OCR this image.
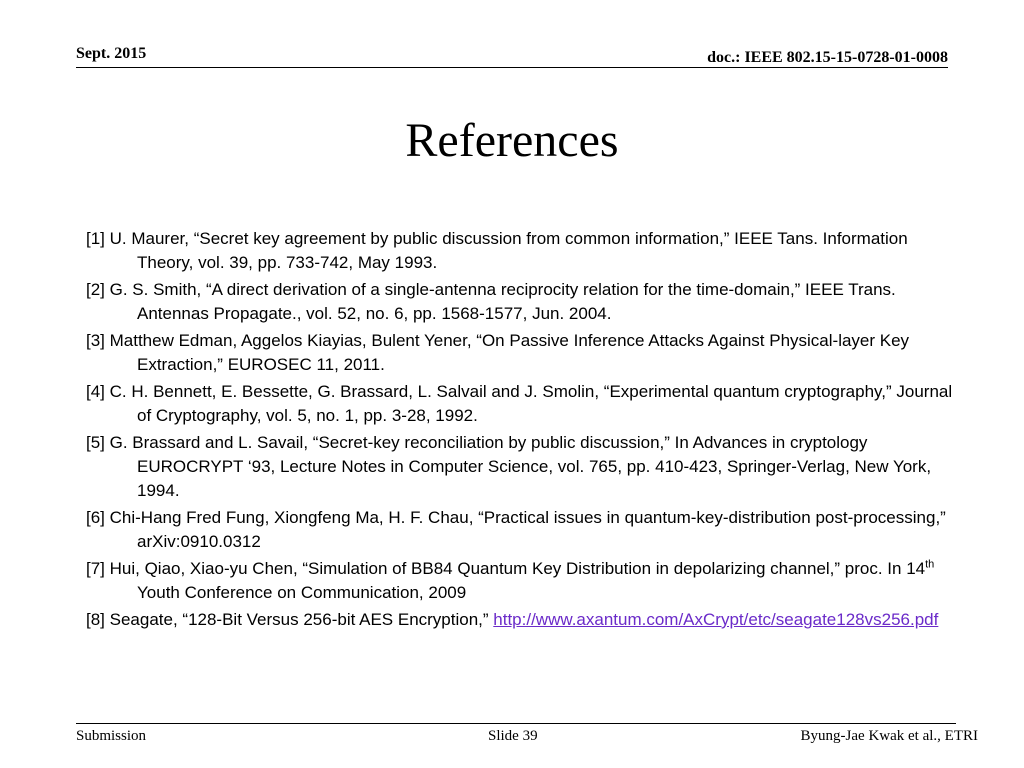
Sept. 2015	doc.: IEEE 802.15-15-0728-01-0008
References

[1] U. Maurer, “Secret key agreement by public discussion from common information,” IEEE Tans. Information Theory, vol. 39, pp. 733-742, May 1993.

[2] G. S. Smith, “A direct derivation of a single-antenna reciprocity relation for the time-domain,” IEEE Trans. Antennas Propagate., vol. 52, no. 6, pp. 1568-1577, Jun. 2004.

[3] Matthew Edman, Aggelos Kiayias, Bulent Yener, “On Passive Inference Attacks Against Physical-layer Key Extraction,” EUROSEC 11, 2011.

[4] C. H. Bennett, E. Bessette, G. Brassard, L. Salvail and J. Smolin, “Experimental quantum cryptography,” Journal of Cryptography, vol. 5, no. 1, pp. 3-28, 1992.

[5] G. Brassard and L. Savail, “Secret-key reconciliation by public discussion,” In Advances in cryptology EUROCRYPT ‘93, Lecture Notes in Computer Science, vol. 765, pp. 410-423, Springer-Verlag, New York, 1994.

[6] Chi-Hang Fred Fung, Xiongfeng Ma, H. F. Chau, “Practical issues in quantum-key-distribution post-processing,” arXiv:0910.0312

[7] Hui, Qiao, Xiao-yu Chen, “Simulation of BB84 Quantum Key Distribution in depolarizing channel,” proc. In 14th Youth Conference on Communication, 2009

[8] Seagate, “128-Bit Versus 256-bit AES Encryption,” http://www.axantum.com/AxCrypt/etc/seagate128vs256.pdf

Submission	Slide 39	Byung-Jae Kwak et al., ETRI
